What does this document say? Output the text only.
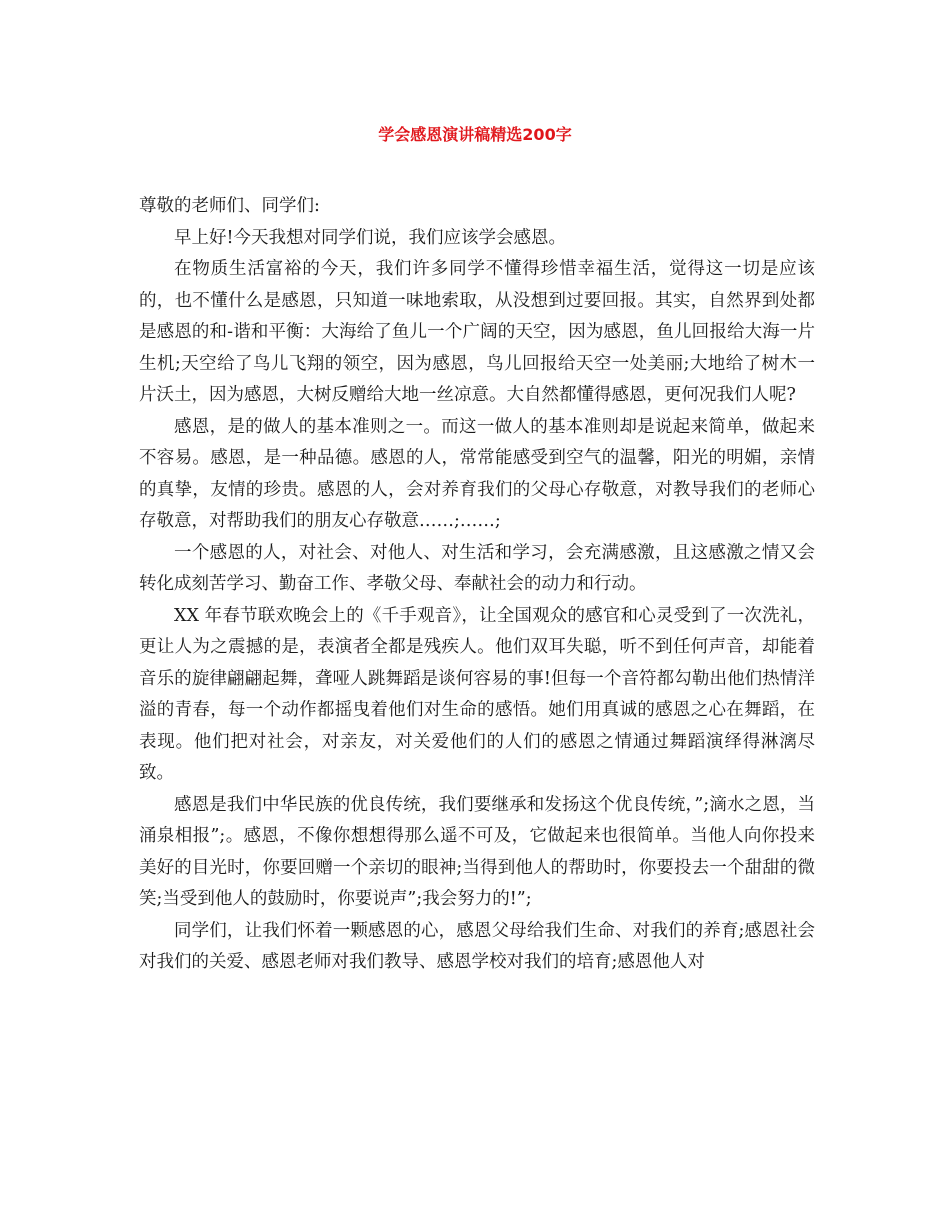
学会感恩演讲稿精选200字

尊敬的老师们、同学们:

早上好!今天我想对同学们说，我们应该学会感恩。

在物质生活富裕的今天，我们许多同学不懂得珍惜幸福生活，觉得这一切是应该的，也不懂什么是感恩，只知道一味地索取，从没想到过要回报。其实，自然界到处都是感恩的和-谐和平衡：大海给了鱼儿一个广阔的天空，因为感恩，鱼儿回报给大海一片生机;天空给了鸟儿飞翔的领空，因为感恩，鸟儿回报给天空一处美丽;大地给了树木一片沃土，因为感恩，大树反赠给大地一丝凉意。大自然都懂得感恩，更何况我们人呢?

感恩，是的做人的基本准则之一。而这一做人的基本准则却是说起来简单，做起来不容易。感恩，是一种品德。感恩的人，常常能感受到空气的温馨，阳光的明媚，亲情的真挚，友情的珍贵。感恩的人，会对养育我们的父母心存敬意，对教导我们的老师心存敬意，对帮助我们的朋友心存敬意……;……;

一个感恩的人，对社会、对他人、对生活和学习，会充满感激，且这感激之情又会转化成刻苦学习、勤奋工作、孝敬父母、奉献社会的动力和行动。

XX 年春节联欢晚会上的《千手观音》，让全国观众的感官和心灵受到了一次洗礼，更让人为之震撼的是，表演者全都是残疾人。他们双耳失聪，听不到任何声音，却能着音乐的旋律翩翩起舞，聋哑人跳舞蹈是谈何容易的事!但每一个音符都勾勒出他们热情洋溢的青春，每一个动作都摇曳着他们对生命的感悟。她们用真诚的感恩之心在舞蹈，在表现。他们把对社会，对亲友，对关爱他们的人们的感恩之情通过舞蹈演绎得淋漓尽致。

感恩是我们中华民族的优良传统，我们要继承和发扬这个优良传统，”;滴水之恩，当涌泉相报”;。感恩，不像你想想得那么遥不可及，它做起来也很简单。当他人向你投来美好的目光时，你要回赠一个亲切的眼神;当得到他人的帮助时，你要投去一个甜甜的微笑;当受到他人的鼓励时，你要说声”;我会努力的!”;

同学们，让我们怀着一颗感恩的心，感恩父母给我们生命、对我们的养育;感恩社会对我们的关爱、感恩老师对我们教导、感恩学校对我们的培育;感恩他人对
